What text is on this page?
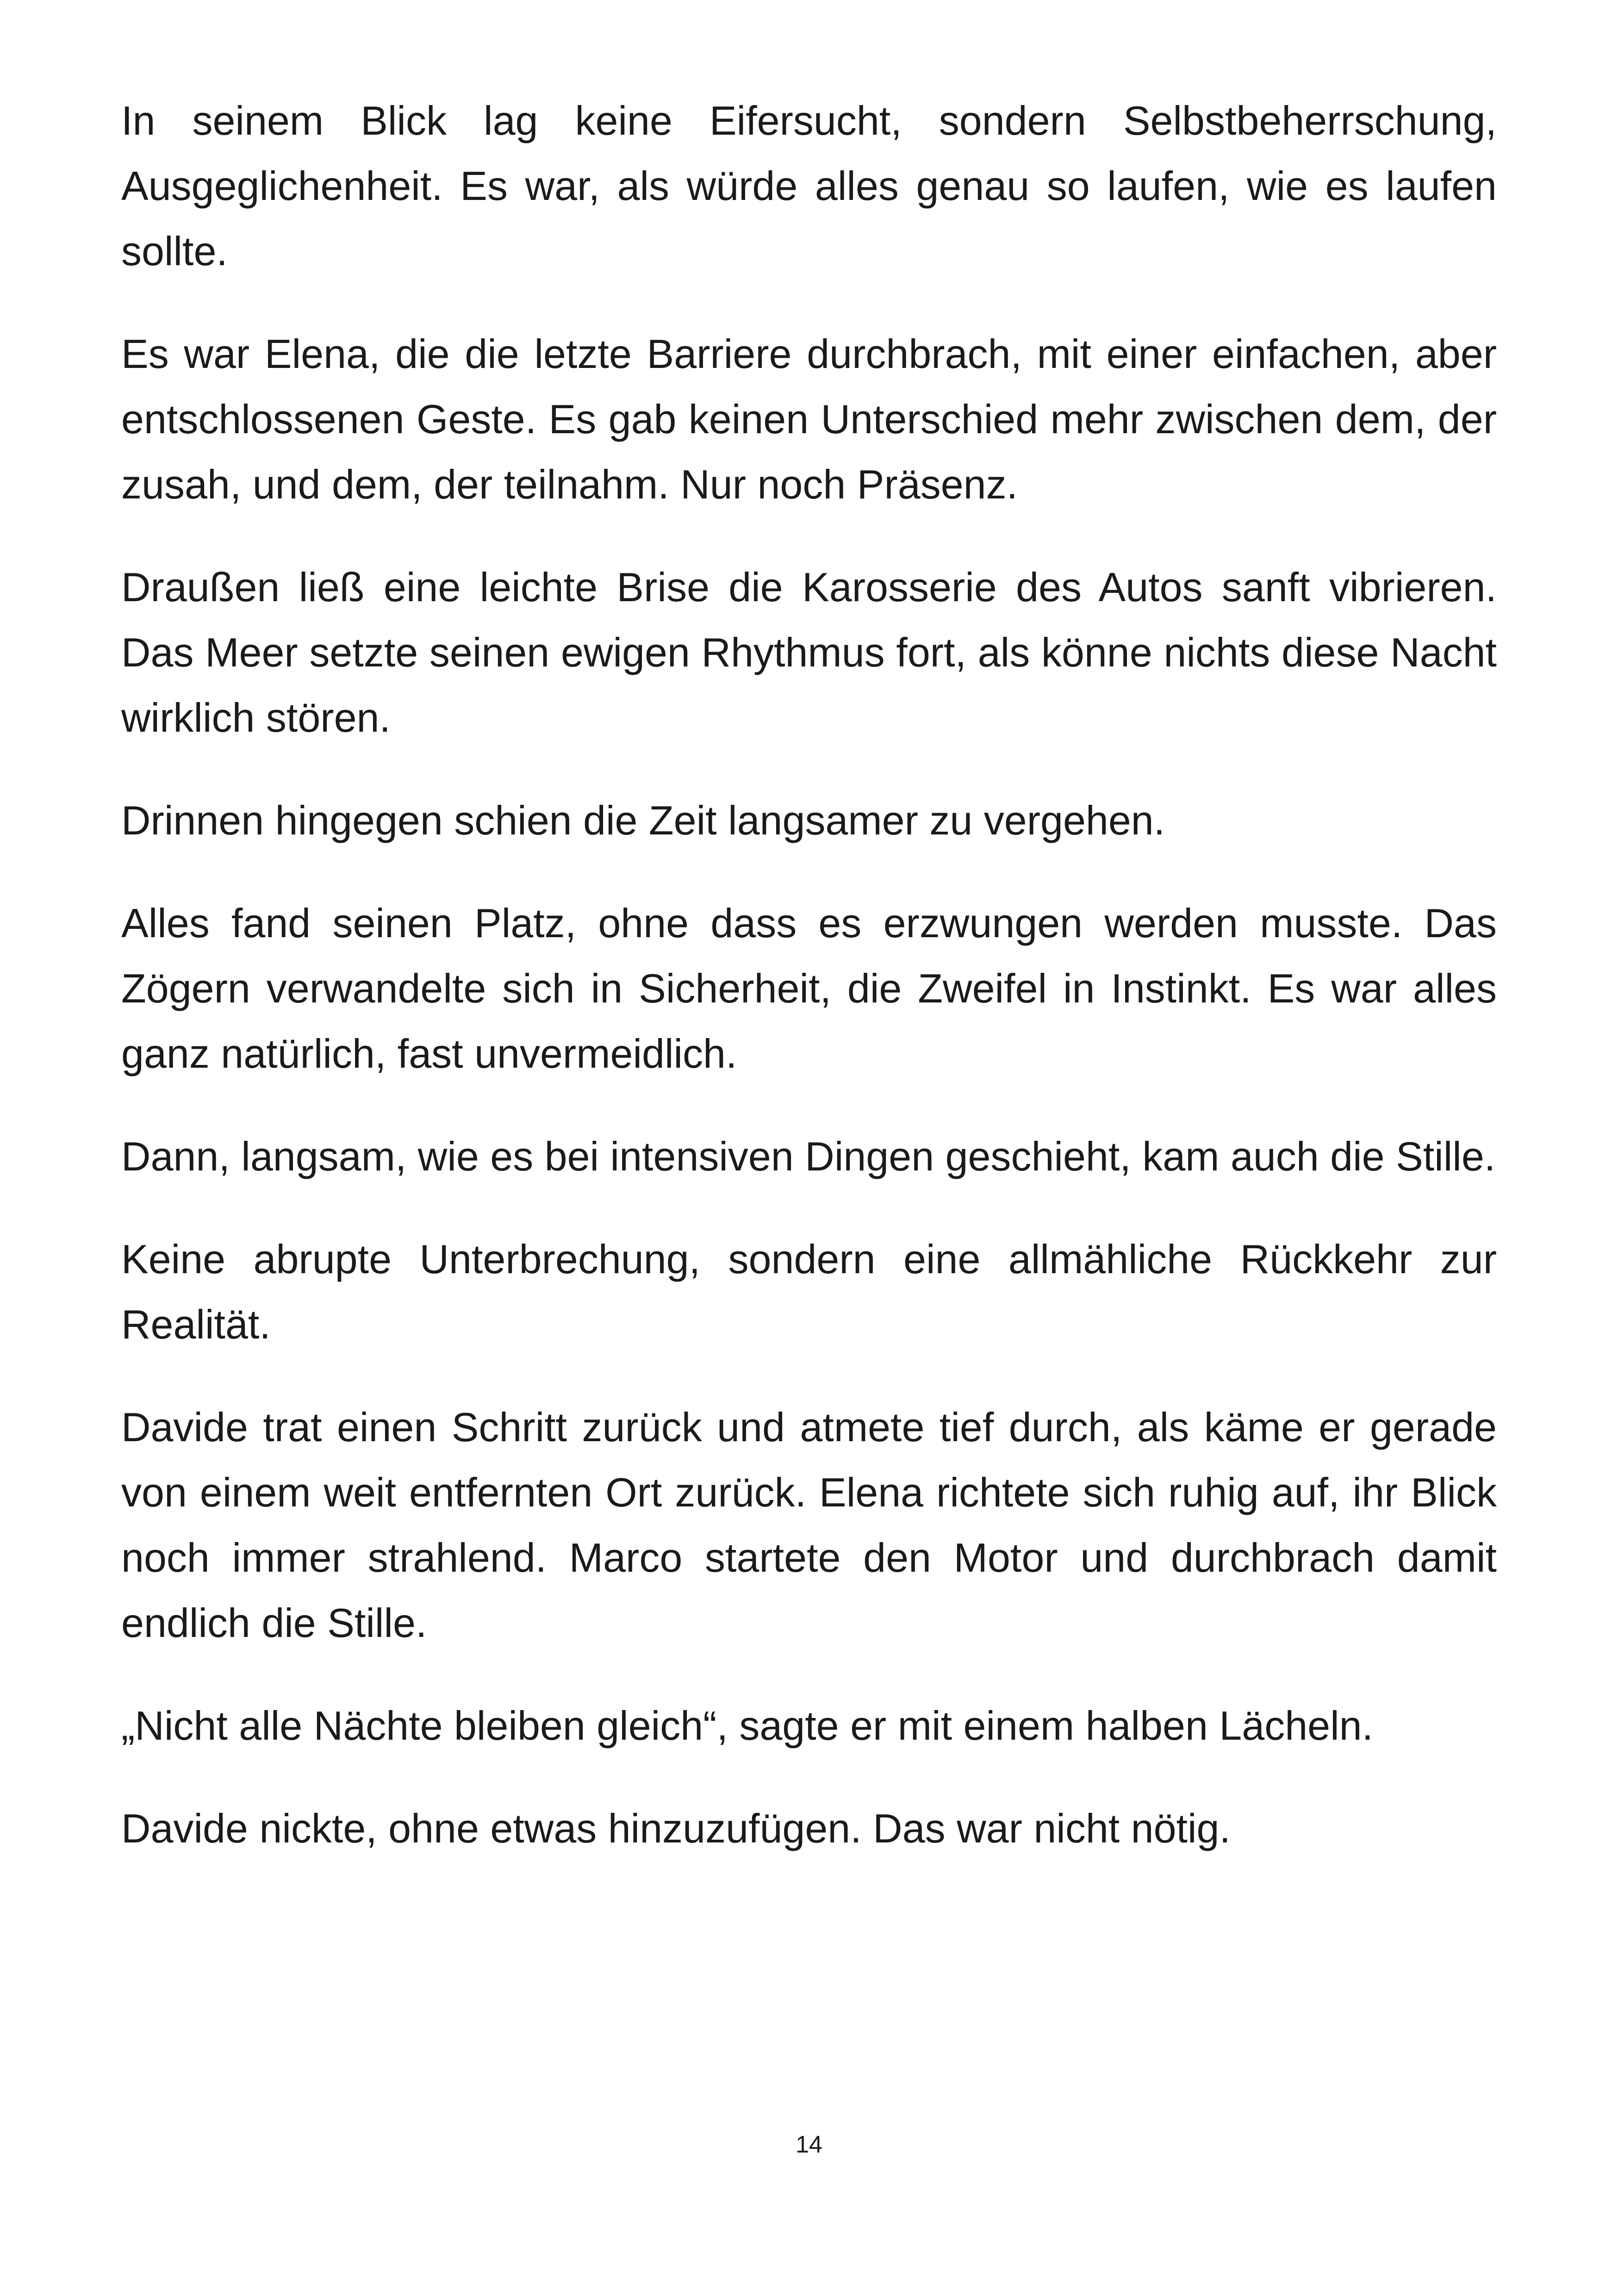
In seinem Blick lag keine Eifersucht, sondern Selbstbeherrschung, Ausgeglichenheit. Es war, als würde alles genau so laufen, wie es laufen sollte.

Es war Elena, die die letzte Barriere durchbrach, mit einer einfachen, aber entschlossenen Geste. Es gab keinen Unterschied mehr zwischen dem, der zusah, und dem, der teilnahm. Nur noch Präsenz.

Draußen ließ eine leichte Brise die Karosserie des Autos sanft vibrieren. Das Meer setzte seinen ewigen Rhythmus fort, als könne nichts diese Nacht wirklich stören.

Drinnen hingegen schien die Zeit langsamer zu vergehen.

Alles fand seinen Platz, ohne dass es erzwungen werden musste. Das Zögern verwandelte sich in Sicherheit, die Zweifel in Instinkt. Es war alles ganz natürlich, fast unvermeidlich.

Dann, langsam, wie es bei intensiven Dingen geschieht, kam auch die Stille.

Keine abrupte Unterbrechung, sondern eine allmähliche Rückkehr zur Realität.

Davide trat einen Schritt zurück und atmete tief durch, als käme er gerade von einem weit entfernten Ort zurück. Elena richtete sich ruhig auf, ihr Blick noch immer strahlend. Marco startete den Motor und durchbrach damit endlich die Stille.

„Nicht alle Nächte bleiben gleich“, sagte er mit einem halben Lächeln.

Davide nickte, ohne etwas hinzuzufügen. Das war nicht nötig.

14
